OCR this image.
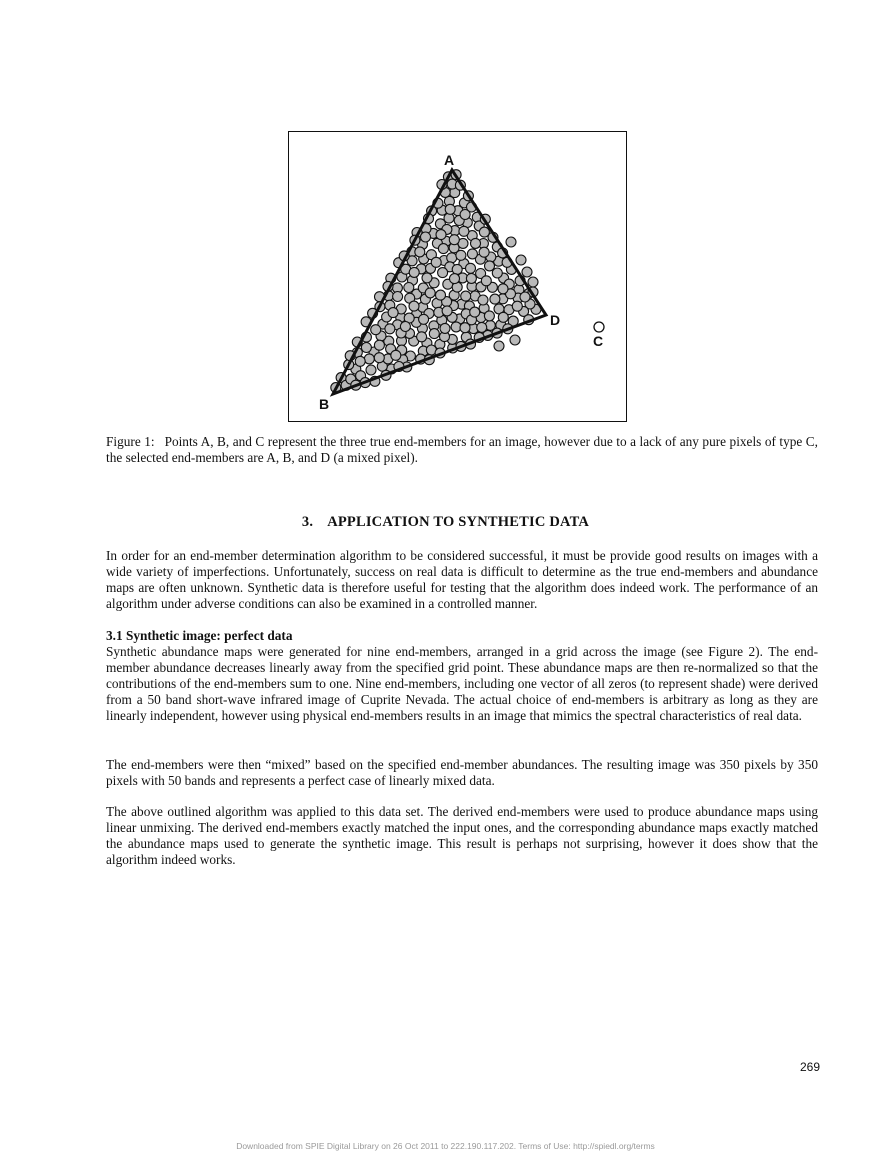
A
B
D
C
Figure 1: Points A, B, and C represent the three true end-members for an image, however due to a lack of any pure pixels of type C, the selected end-members are A, B, and D (a mixed pixel).
3. APPLICATION TO SYNTHETIC DATA

In order for an end-member determination algorithm to be considered successful, it must be provide good results on images with a wide variety of imperfections. Unfortunately, success on real data is difficult to determine as the true end-members and abundance maps are often unknown. Synthetic data is therefore useful for testing that the algorithm does indeed work. The performance of an algorithm under adverse conditions can also be examined in a controlled manner.

3.1 Synthetic image: perfect data
Synthetic abundance maps were generated for nine end-members, arranged in a grid across the image (see Figure 2). The end-member abundance decreases linearly away from the specified grid point. These abundance maps are then re-normalized so that the contributions of the end-members sum to one. Nine end-members, including one vector of all zeros (to represent shade) were derived from a 50 band short-wave infrared image of Cuprite Nevada. The actual choice of end-members is arbitrary as long as they are linearly independent, however using physical end-members results in an image that mimics the spectral characteristics of real data.

The end-members were then “mixed” based on the specified end-member abundances. The resulting image was 350 pixels by 350 pixels with 50 bands and represents a perfect case of linearly mixed data.

The above outlined algorithm was applied to this data set. The derived end-members were used to produce abundance maps using linear unmixing. The derived end-members exactly matched the input ones, and the corresponding abundance maps exactly matched the abundance maps used to generate the synthetic image. This result is perhaps not surprising, however it does show that the algorithm indeed works.

269
Downloaded from SPIE Digital Library on 26 Oct 2011 to 222.190.117.202. Terms of Use: http://spiedl.org/terms
